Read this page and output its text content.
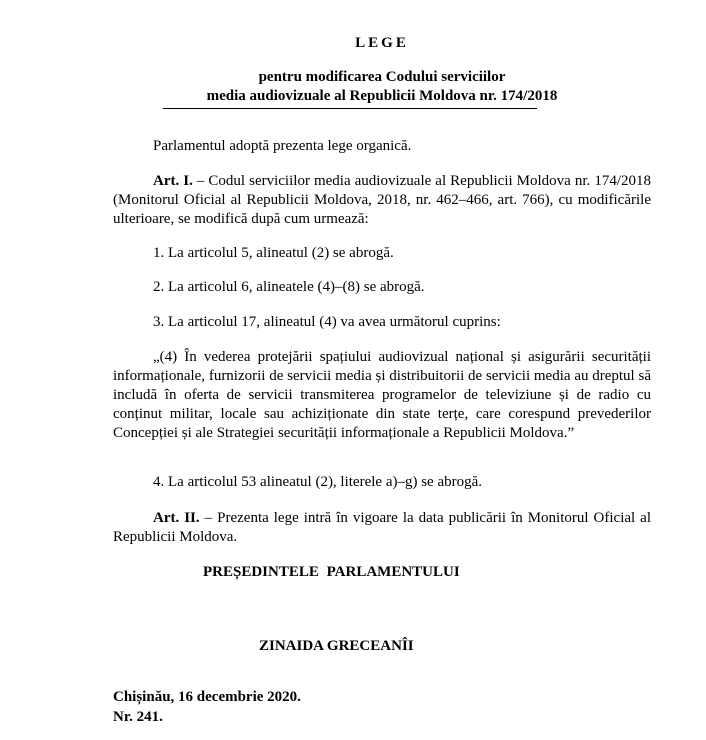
LEGE
pentru modificarea Codului serviciilor
media audiovizuale al Republicii Moldova nr. 174/2018
Parlamentul adoptă prezenta lege organică.
Art. I. – Codul serviciilor media audiovizuale al Republicii Moldova nr. 174/2018 (Monitorul Oficial al Republicii Moldova, 2018, nr. 462–466, art. 766), cu modificările ulterioare, se modifică după cum urmează:
1. La articolul 5, alineatul (2) se abrogă.
2. La articolul 6, alineatele (4)–(8) se abrogă.
3. La articolul 17, alineatul (4) va avea următorul cuprins:
„(4) În vederea protejării spațiului audiovizual național și asigurării securității informaționale, furnizorii de servicii media și distribuitorii de servicii media au dreptul să includă în oferta de servicii transmiterea programelor de televiziune și de radio cu conținut militar, locale sau achiziționate din state terțe, care corespund prevederilor Concepției și ale Strategiei securității informaționale a Republicii Moldova.”
4. La articolul 53 alineatul (2), literele a)–g) se abrogă.
Art. II. – Prezenta lege intră în vigoare la data publicării în Monitorul Oficial al Republicii Moldova.
PREȘEDINTELE PARLAMENTULUI
ZINAIDA GRECEANÎI
Chișinău, 16 decembrie 2020.
Nr. 241.
